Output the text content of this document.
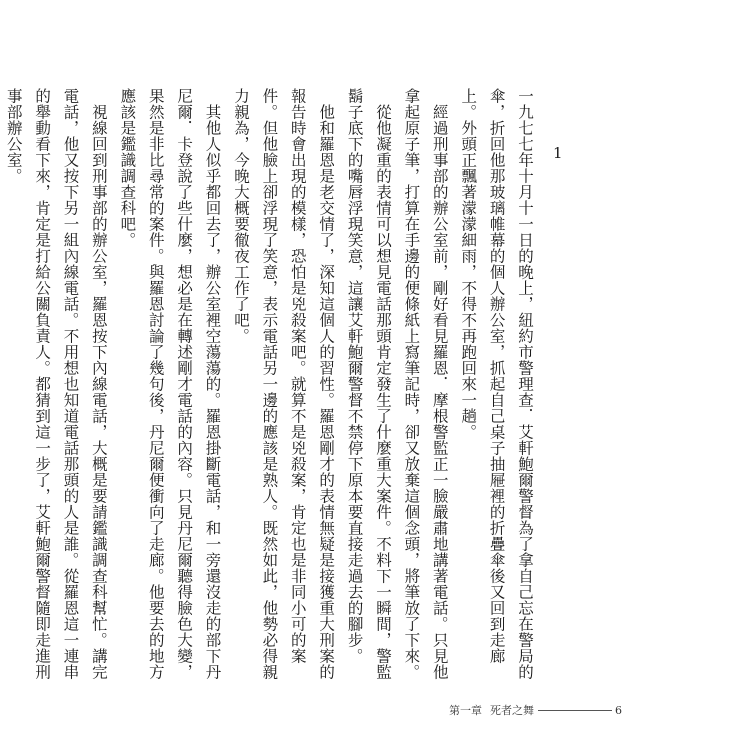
1

一九七七年十月十一日的晚上，紐約市警理查．艾軒鮑爾警督為了拿自己忘在警局的傘，折回他那玻璃帷幕的個人辦公室，抓起自己桌子抽屜裡的折疊傘後又回到走廊上。外頭正飄著濛濛細雨，不得不再跑回來一趟。

經過刑事部的辦公室前，剛好看見羅恩．摩根警監正一臉嚴肅地講著電話。只見他拿起原子筆，打算在手邊的便條紙上寫筆記時，卻又放棄這個念頭，將筆放了下來。

從他凝重的表情可以想見電話那頭肯定發生了什麼重大案件。不料下一瞬間，警監鬍子底下的嘴唇浮現笑意，這讓艾軒鮑爾警督不禁停下原本要直接走過去的腳步。

他和羅恩是老交情了，深知這個人的習性。羅恩剛才的表情無疑是接獲重大刑案的報告時會出現的模樣，恐怕是兇殺案吧。就算不是兇殺案，肯定也是非同小可的案件。但他臉上卻浮現了笑意，表示電話另一邊的應該是熟人。既然如此，他勢必得親力親為，今晚大概要徹夜工作了吧。

其他人似乎都回去了，辦公室裡空蕩蕩的。羅恩掛斷電話，和一旁還沒走的部下丹尼爾．卡登說了些什麼，想必是在轉述剛才電話的內容。只見丹尼爾聽得臉色大變，果然是非比尋常的案件。與羅恩討論了幾句後，丹尼爾便衝向了走廊。他要去的地方應該是鑑識調查科吧。

視線回到刑事部的辦公室，羅恩按下內線電話，大概是要請鑑識調查科幫忙。講完電話，他又按下另一組內線電話。不用想也知道電話那頭的人是誰。從羅恩這一連串的舉動看下來，肯定是打給公關負責人。都猜到這一步了，艾軒鮑爾警督隨即走進刑事部辦公室。

第一章 死者之舞	6
